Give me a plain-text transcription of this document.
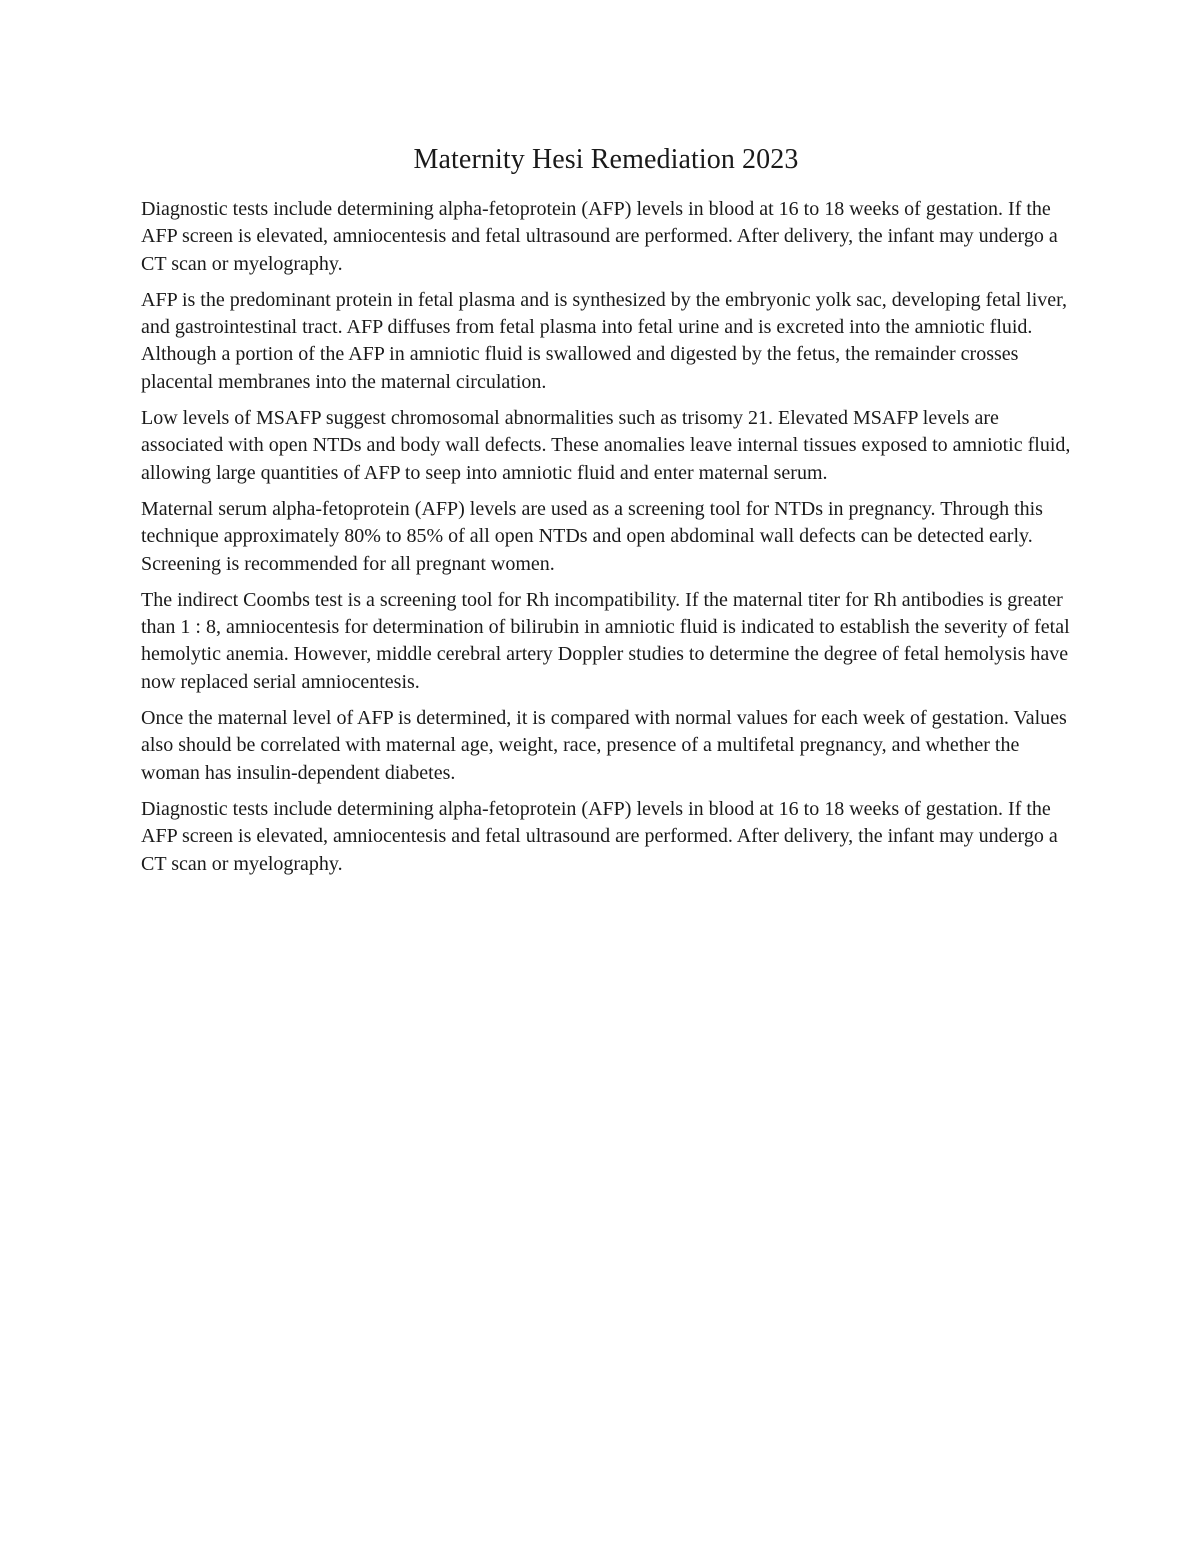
Maternity Hesi Remediation 2023

Diagnostic tests include determining alpha-fetoprotein (AFP) levels in blood at 16 to 18 weeks of gestation. If the AFP screen is elevated, amniocentesis and fetal ultrasound are performed. After delivery, the infant may undergo a CT scan or myelography.

AFP is the predominant protein in fetal plasma and is synthesized by the embryonic yolk sac, developing fetal liver, and gastrointestinal tract. AFP diffuses from fetal plasma into fetal urine and is excreted into the amniotic fluid. Although a portion of the AFP in amniotic fluid is swallowed and digested by the fetus, the remainder crosses placental membranes into the maternal circulation.

Low levels of MSAFP suggest chromosomal abnormalities such as trisomy 21. Elevated MSAFP levels are associated with open NTDs and body wall defects. These anomalies leave internal tissues exposed to amniotic fluid, allowing large quantities of AFP to seep into amniotic fluid and enter maternal serum.

Maternal serum alpha-fetoprotein (AFP) levels are used as a screening tool for NTDs in pregnancy. Through this technique approximately 80% to 85% of all open NTDs and open abdominal wall defects can be detected early. Screening is recommended for all pregnant women.

The indirect Coombs test is a screening tool for Rh incompatibility. If the maternal titer for Rh antibodies is greater than 1 : 8, amniocentesis for determination of bilirubin in amniotic fluid is indicated to establish the severity of fetal hemolytic anemia. However, middle cerebral artery Doppler studies to determine the degree of fetal hemolysis have now replaced serial amniocentesis.

Once the maternal level of AFP is determined, it is compared with normal values for each week of gestation. Values also should be correlated with maternal age, weight, race, presence of a multifetal pregnancy, and whether the woman has insulin-dependent diabetes.

Diagnostic tests include determining alpha-fetoprotein (AFP) levels in blood at 16 to 18 weeks of gestation. If the AFP screen is elevated, amniocentesis and fetal ultrasound are performed. After delivery, the infant may undergo a CT scan or myelography.
